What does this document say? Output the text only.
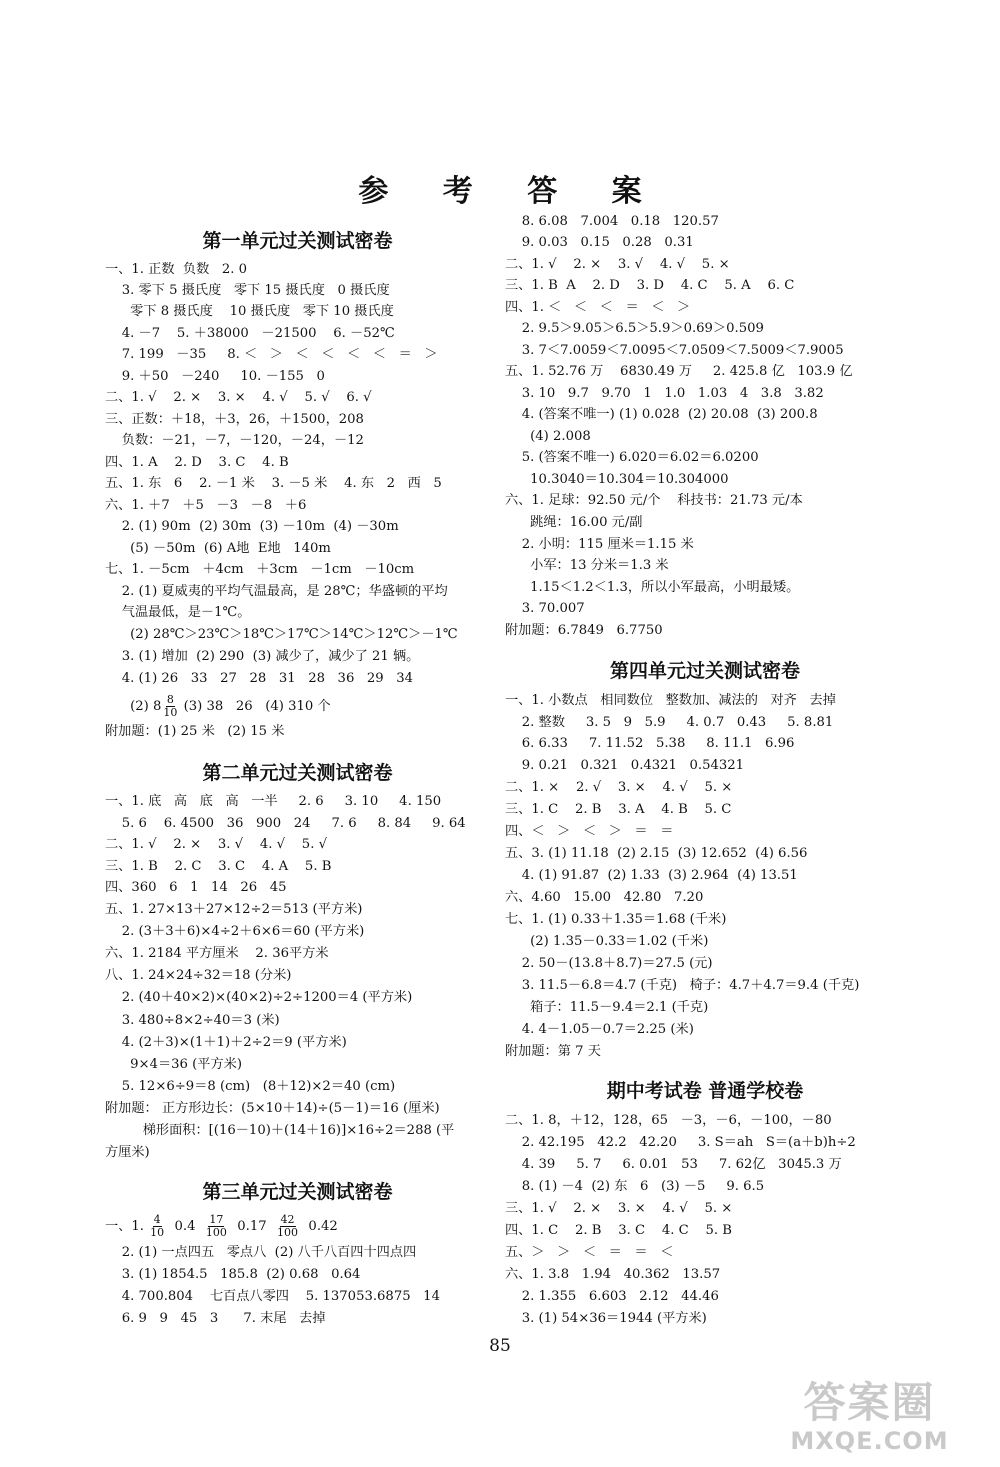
参 考 答 案
第一单元过关测试密卷
一、1. 正数  负数   2. 0
3. 零下 5 摄氏度   零下 15 摄氏度   0 摄氏度
零下 8 摄氏度    10 摄氏度   零下 10 摄氏度
4. －7    5. ＋38000   －21500    6. －52℃
7. 199   －35     8. ＜   ＞   ＜   ＜   ＜   ＜   ＝   ＞
9. ＋50   －240     10. －155   0
二、1. √    2. ×    3. ×    4. √    5. √    6. √
三、正数：＋18，＋3，26，＋1500，208
负数：－21，－7，－120，－24，－12
四、1. A    2. D    3. C    4. B
五、1. 东   6    2. －1 米    3. －5 米    4. 东   2   西   5
六、1. ＋7   ＋5   －3   －8   ＋6
2. (1) 90m  (2) 30m  (3) －10m  (4) －30m
(5) －50m  (6) A地  E地   140m
七、1. －5cm   ＋4cm   ＋3cm   －1cm   －10cm
2. (1) 夏威夷的平均气温最高，是 28℃；华盛顿的平均
气温最低，是－1℃。
(2) 28℃＞23℃＞18℃＞17℃＞14℃＞12℃＞－1℃
3. (1) 增加  (2) 290  (3) 减少了，减少了 21 辆。
4. (1) 26   33   27   28   31   28   36   29   34
(2) $8 \frac{8}{10} (3)$ 38   26   (4) 310 个
附加题：(1) 25 米   (2) 15 米
第二单元过关测试密卷
一、1. 底   高   底   高   一半     2. 6     3. 10     4. 150
5. 6    6. 4500   36   900   24     7. 6     8. 84     9. 64
二、1. √    2. ×    3. √    4. √    5. √
三、1. B    2. C    3. C    4. A    5. B
四、360   6   1   14   26   45
五、1. 27×13＋27×12÷2＝513 (平方米)
2. (3＋3＋6)×4÷2＋6×6＝60 (平方米)
六、1. 2184 平方厘米    2. 36平方米
八、1. 24×24÷32＝18 (分米)
2. (40＋40×2)×(40×2)÷2÷1200＝4 (平方米)
3. 480÷8×2÷40＝3 (米)
4. (2＋3)×(1＋1)＋2÷2＝9 (平方米)
9×4＝36 (平方米)
5. 12×6÷9＝8 (cm)   (8＋12)×2＝40 (cm)
附加题： 正方形边长：(5×10＋14)÷(5－1)＝16 (厘米)
梯形面积：[(16－10)＋(14＋16)]×16÷2＝288 (平
方厘米)
第三单元过关测试密卷
一、1. $\frac{4}{10} 0.4 \frac{17}{100} 0.17 \frac{42}{100} 0.42$
2. (1) 一点四五   零点八  (2) 八千八百四十四点四
3. (1) 1854.5   185.8  (2) 0.68   0.64
4. 700.804    七百点八零四    5. 137053.6875   14
6. 9   9   45   3      7. 末尾   去掉
8. 6.08   7.004   0.18   120.57
9. 0.03   0.15   0.28   0.31
二、1. √    2. ×    3. √    4. √    5. ×
三、1. B  A    2. D    3. D    4. C    5. A    6. C
四、1. ＜   ＜   ＜   ＝   ＜   ＞
2. 9.5＞9.05＞6.5＞5.9＞0.69＞0.509
3. 7＜7.0059＜7.0095＜7.0509＜7.5009＜7.9005
五、1. 52.76 万    6830.49 万     2. 425.8 亿   103.9 亿
3. 10   9.7   9.70   1   1.0   1.03   4   3.8   3.82
4. (答案不唯一) (1) 0.028  (2) 20.08  (3) 200.8
(4) 2.008
5. (答案不唯一) 6.020＝6.02＝6.0200
10.3040＝10.304＝10.304000
六、1. 足球：92.50 元/个    科技书：21.73 元/本
跳绳：16.00 元/副
2. 小明：115 厘米＝1.15 米
小军：13 分米＝1.3 米
1.15＜1.2＜1.3，所以小军最高，小明最矮。
3. 70.007
附加题：6.7849   6.7750
第四单元过关测试密卷
一、1. 小数点   相同数位   整数加、减法的   对齐   去掉
2. 整数     3. 5   9   5.9     4. 0.7   0.43     5. 8.81
6. 6.33     7. 11.52   5.38     8. 11.1   6.96
9. 0.21   0.321   0.4321   0.54321
二、1. ×    2. √    3. ×    4. √    5. ×
三、1. C    2. B    3. A    4. B    5. C
四、＜   ＞   ＜   ＞   ＝   ＝
五、3. (1) 11.18  (2) 2.15  (3) 12.652  (4) 6.56
4. (1) 91.87  (2) 1.33  (3) 2.964  (4) 13.51
六、4.60   15.00   42.80   7.20
七、1. (1) 0.33＋1.35＝1.68 (千米)
(2) 1.35－0.33＝1.02 (千米)
2. 50－(13.8＋8.7)＝27.5 (元)
3. 11.5－6.8＝4.7 (千克)   椅子：4.7＋4.7＝9.4 (千克)
箱子：11.5－9.4＝2.1 (千克)
4. 4－1.05－0.7＝2.25 (米)
附加题：第 7 天
期中考试卷 普通学校卷
二、1. 8，＋12，128，65   －3，－6，－100，－80
2. 42.195   42.2   42.20     3. S＝ah   S＝(a＋b)h÷2
4. 39     5. 7     6. 0.01   53     7. 62亿   3045.3 万
8. (1) －4  (2) 东   6   (3) －5     9. 6.5
三、1. √    2. ×    3. ×    4. √    5. ×
四、1. C    2. B    3. C    4. C    5. B
五、＞   ＞   ＜   ＝   ＝   ＜
六、1. 3.8   1.94   40.362   13.57
2. 1.355   6.603   2.12   44.46
3. (1) 54×36＝1944 (平方米)
85
答案圈
MXQE.COM
